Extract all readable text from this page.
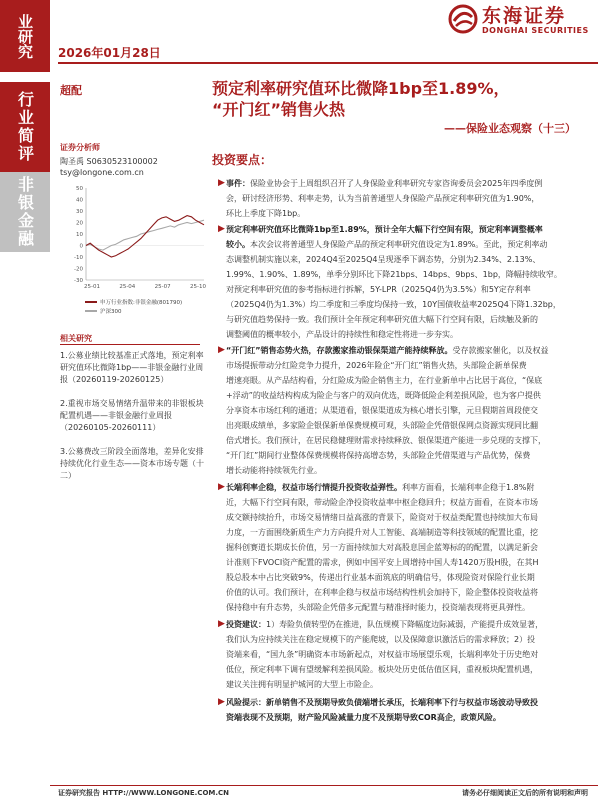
业研究
行业简评
非银金融
2026年01月28日
东海证券
DONGHAI SECURITIES
超配
证券分析师
陶圣禹 S0630523100002
tsy@longone.com.cn
-30
-20
-10
0
10
20
30
40
50
25-01	25-04	25-07	25-10
申万行业指数:非银金融(801790)
沪深300
相关研究
1.公募业绩比较基准正式落地，预定利率研究值环比微降1bp——非银金融行业周报（20260119-20260125）
2.重视市场交易情绪升温带来的非银板块配置机遇——非银金融行业周报（20260105-20260111）
3.公募费改三阶段全面落地，差异化安排持续优化行业生态——资本市场专题（十二）
预定利率研究值环比微降1bp至1.89%，
“开门红”销售火热
——保险业态观察（十三）
投资要点：
▶ 事件：保险业协会于上周组织召开了人身保险业利率研究专家咨询委员会2025年四季度例
会，研讨经济形势、利率走势，认为当前普通型人身保险产品预定利率研究值为1.90%，
环比上季度下降1bp。
▶ 预定利率研究值环比微降1bp至1.89%，预计全年大幅下行空间有限，预定利率调整概率
较小。本次会议将普通型人身保险产品的预定利率研究值设定为1.89%。至此，预定利率动
态调整机制实施以来，2024Q4至2025Q4呈现逐季下调态势，分别为2.34%、2.13%、
1.99%、1.90%、1.89%，单季分别环比下降21bps、14bps、9bps、1bp，降幅持续收窄。
对预定利率研究值的参考指标进行拆解，5Y-LPR（2025Q4仍为3.5%）和5Y定存利率
（2025Q4仍为1.3%）均二季度和三季度均保持一致，10Y国债收益率2025Q4下降1.32bp，
与研究值趋势保持一致。我们预计全年预定利率研究值大幅下行空间有限，后续触及新的
调整阈值的概率较小，产品设计的持续性和稳定性将进一步夯实。
▶ “开门红”销售态势火热，存款搬家推动银保渠道产能持续释放。受存款搬家催化，以及权益
市场提振带动分红险竞争力提升，2026年险企“开门红”销售火热，头部险企新单保费
增速亮眼。从产品结构看，分红险成为险企销售主力，在行业新单中占比居于高位，“保底
+浮动”的收益结构构成为险企与客户的双向优选，既降低险企利差损风险，也为客户提供
分享资本市场红利的通道；从渠道看，银保渠道成为核心增长引擎，元旦假期首周段使交
出亮眼成绩单，多家险企银保新单保费规模可观，头部险企凭借银保网点资源实现同比翻
倍式增长。我们预计，在居民稳健理财需求持续释放、银保渠道产能进一步兑现的支撑下，
“开门红”期间行业整体保费规模将保持高增态势，头部险企凭借渠道与产品优势，保费
增长动能将持续领先行业。
▶ 长端利率企稳，权益市场行情提升投资收益弹性。利率方面看，长端利率企稳于1.8%附
近，大幅下行空间有限，带动险企净投资收益率中枢企稳回升；权益方面看，在资本市场
成交额持续抬升，市场交易情绪日益高涨的背景下，险资对于权益类配置也持续加大布局
力度，一方面围绕新质生产力方向提升对人工智能、高端制造等科技领域的配置比重，挖
掘科创赛道长期成长价值，另一方面持续加大对高股息国企蓝筹标的的配置，以满足新会
计准则下FVOCI资产配置的需求，例如中国平安上周增持中国人寿1420万股H股，在其H
股总股本中占比突破9%，传递出行业基本面筑底的明确信号，体现险资对保险行业长期
价值的认可。我们预计，在利率企稳与权益市场结构性机会加持下，险企整体投资收益将
保持稳中有升态势，头部险企凭借多元配置与精准择时能力，投资端表现将更具弹性。
▶ 投资建议：1）寿险负债转型仍在推进，队伍规模下降幅度边际减弱，产能提升成效显著，
我们认为应持续关注在稳定规模下的产能爬坡，以及保障意识激活后的需求释放；2）投
资端来看，“国九条”明确资本市场新起点，对权益市场展望乐观，长端利率处于历史绝对
低位，预定利率下调有望缓解利差损风险。板块处历史低估值区间，重视板块配置机遇，
建议关注拥有明显护城河的大型上市险企。
▶ 风险提示：新单销售不及预期导致负债端增长承压，长端利率下行与权益市场波动导致投
资端表现不及预期，财产险风险减量力度不及预期导致COR高企，政策风险。
证券研究报告 HTTP://WWW.LONGONE.COM.CN	请务必仔细阅读正文后的所有说明和声明
